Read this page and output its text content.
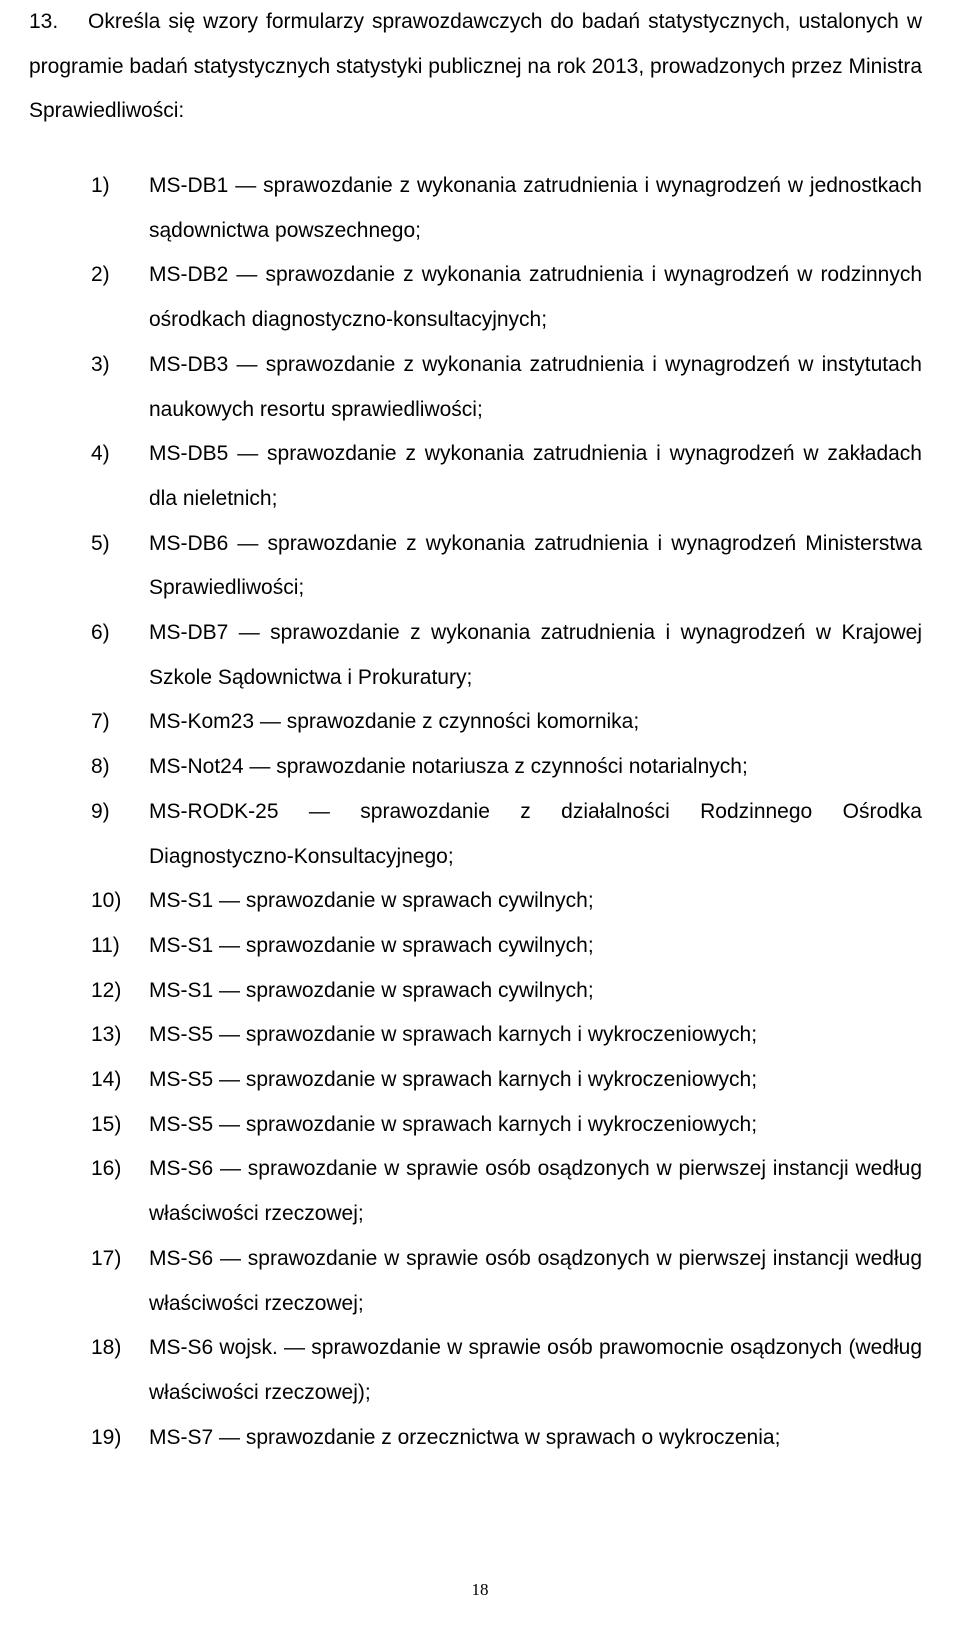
13. Określa się wzory formularzy sprawozdawczych do badań statystycznych, ustalonych w programie badań statystycznych statystyki publicznej na rok 2013, prowadzonych przez Ministra Sprawiedliwości:

1) MS-DB1 ― sprawozdanie z wykonania zatrudnienia i wynagrodzeń w jednostkach sądownictwa powszechnego;
2) MS-DB2 ― sprawozdanie z wykonania zatrudnienia i wynagrodzeń w rodzinnych ośrodkach diagnostyczno-konsultacyjnych;
3) MS-DB3 ― sprawozdanie z wykonania zatrudnienia i wynagrodzeń w instytutach naukowych resortu sprawiedliwości;
4) MS-DB5 ― sprawozdanie z wykonania zatrudnienia i wynagrodzeń w zakładach dla nieletnich;
5) MS-DB6 ― sprawozdanie z wykonania zatrudnienia i wynagrodzeń Ministerstwa Sprawiedliwości;
6) MS-DB7 ― sprawozdanie z wykonania zatrudnienia i wynagrodzeń w Krajowej Szkole Sądownictwa i Prokuratury;
7) MS-Kom23 ― sprawozdanie z czynności komornika;
8) MS-Not24 ― sprawozdanie notariusza z czynności notarialnych;
9) MS-RODK-25 ― sprawozdanie z działalności Rodzinnego Ośrodka Diagnostyczno-Konsultacyjnego;
10) MS-S1 ― sprawozdanie w sprawach cywilnych;
11) MS-S1 ― sprawozdanie w sprawach cywilnych;
12) MS-S1 ― sprawozdanie w sprawach cywilnych;
13) MS-S5 ― sprawozdanie w sprawach karnych i wykroczeniowych;
14) MS-S5 ― sprawozdanie w sprawach karnych i wykroczeniowych;
15) MS-S5 ― sprawozdanie w sprawach karnych i wykroczeniowych;
16) MS-S6 ― sprawozdanie w sprawie osób osądzonych w pierwszej instancji według właściwości rzeczowej;
17) MS-S6 ― sprawozdanie w sprawie osób osądzonych w pierwszej instancji według właściwości rzeczowej;
18) MS-S6 wojsk. ― sprawozdanie w sprawie osób prawomocnie osądzonych (według właściwości rzeczowej);
19) MS-S7 ― sprawozdanie z orzecznictwa w sprawach o wykroczenia;
18
